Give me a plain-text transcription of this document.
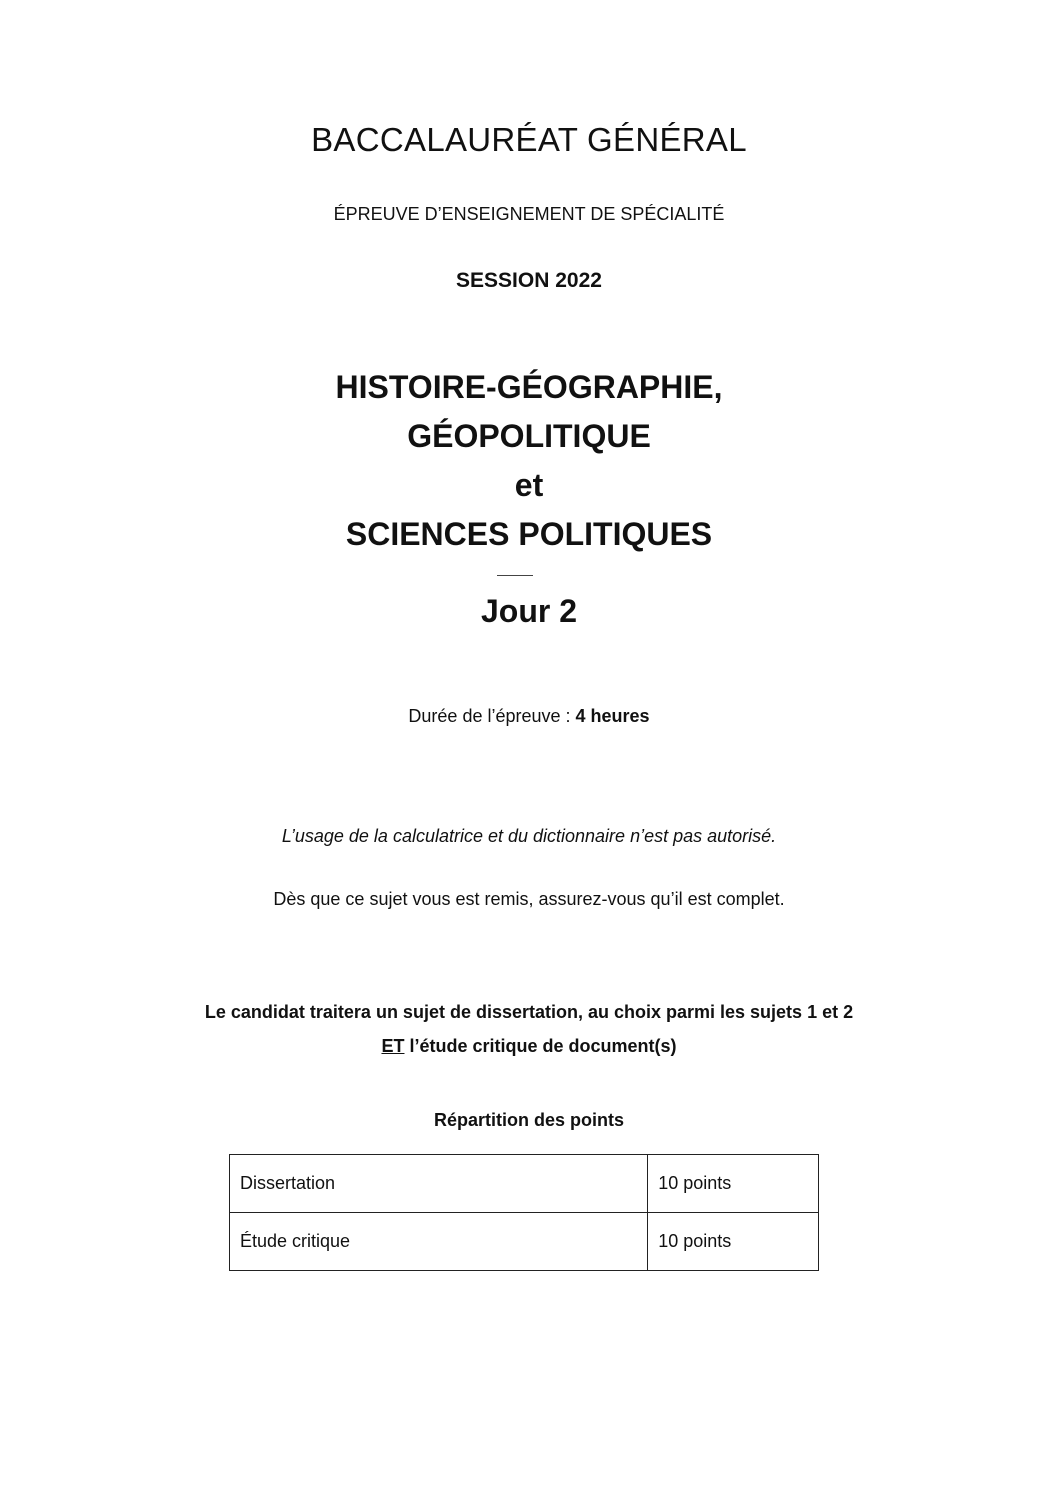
BACCALAURÉAT GÉNÉRAL
ÉPREUVE D’ENSEIGNEMENT DE SPÉCIALITÉ
SESSION 2022
HISTOIRE-GÉOGRAPHIE,
GÉOPOLITIQUE
et
SCIENCES POLITIQUES
Jour 2
Durée de l’épreuve : 4 heures
L’usage de la calculatrice et du dictionnaire n’est pas autorisé.
Dès que ce sujet vous est remis, assurez-vous qu’il est complet.
Le candidat traitera un sujet de dissertation, au choix parmi les sujets 1 et 2
ET l’étude critique de document(s)
Répartition des points
Dissertation	10 points
Étude critique	10 points
